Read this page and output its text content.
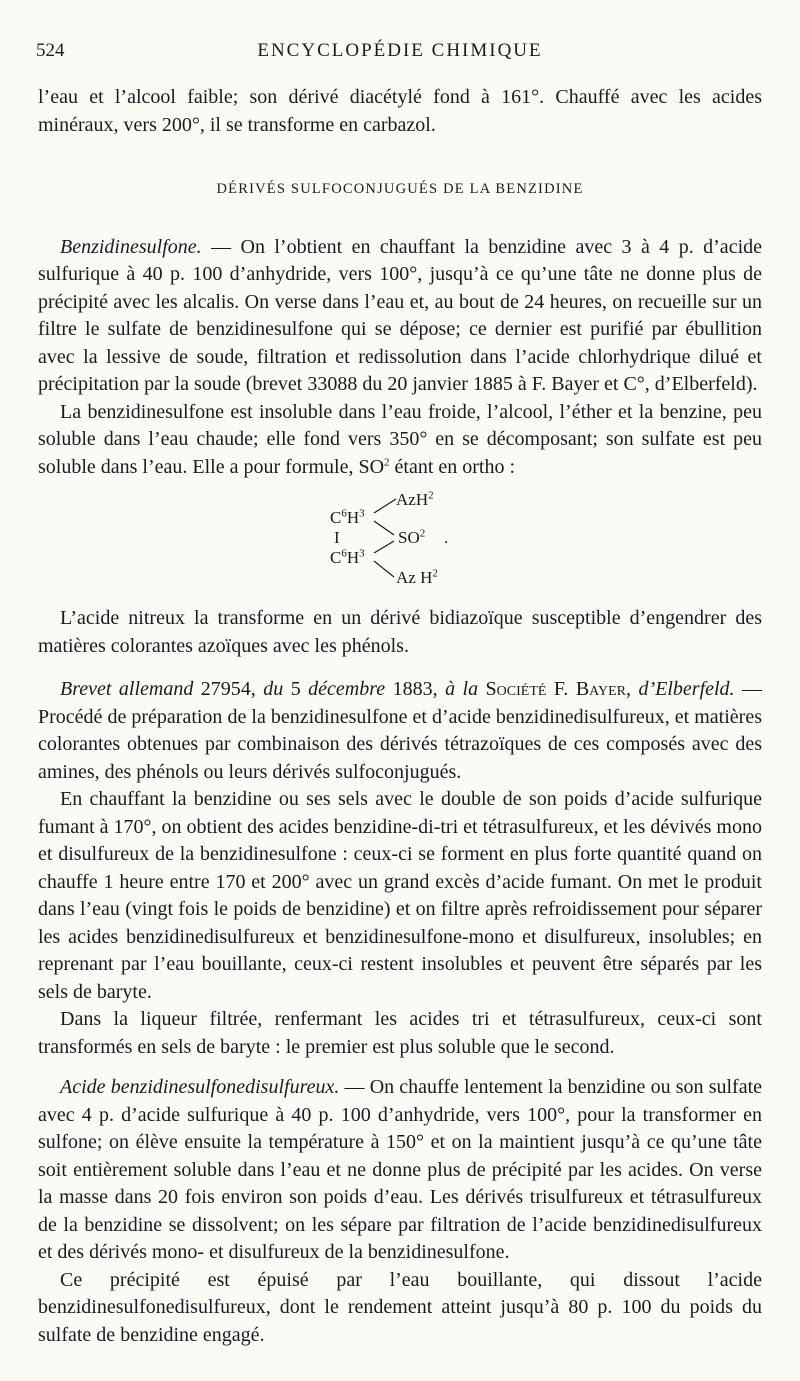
524	ENCYCLOPÉDIE CHIMIQUE

l’eau et l’alcool faible; son dérivé diacétylé fond à 161°. Chauffé avec les acides minéraux, vers 200°, il se transforme en carbazol.

DÉRIVÉS SULFOCONJUGUÉS DE LA BENZIDINE

Benzidinesulfone. — On l’obtient en chauffant la benzidine avec 3 à 4 p. d’acide sulfurique à 40 p. 100 d’anhydride, vers 100°, jusqu’à ce qu’une tâte ne donne plus de précipité avec les alcalis. On verse dans l’eau et, au bout de 24 heures, on recueille sur un filtre le sulfate de benzidinesulfone qui se dépose; ce dernier est purifié par ébullition avec la lessive de soude, filtration et redissolution dans l’acide chlorhydrique dilué et précipitation par la soude (brevet 33088 du 20 janvier 1885 à F. Bayer et C°, d’Elberfeld).

La benzidinesulfone est insoluble dans l’eau froide, l’alcool, l’éther et la benzine, peu soluble dans l’eau chaude; elle fond vers 350° en se décomposant; son sulfate est peu soluble dans l’eau. Elle a pour formule, $SO^2$ étant en ortho :

$C^6H^3$
AzH$^2$
I	$SO^2$ .
$C^6H^3$
Az $H^2$

L’acide nitreux la transforme en un dérivé bidiazoïque susceptible d’engendrer des matières colorantes azoïques avec les phénols.

Brevet allemand 27954, du 5 décembre 1883, à la Société F. Bayer, d’Elberfeld. — Procédé de préparation de la benzidinesulfone et d’acide benzidinedisulfureux, et matières colorantes obtenues par combinaison des dérivés tétrazoïques de ces composés avec des amines, des phénols ou leurs dérivés sulfoconjugués.

En chauffant la benzidine ou ses sels avec le double de son poids d’acide sulfurique fumant à 170°, on obtient des acides benzidine-di-tri et tétrasulfureux, et les dévivés mono et disulfureux de la benzidinesulfone : ceux-ci se forment en plus forte quantité quand on chauffe 1 heure entre 170 et 200° avec un grand excès d’acide fumant. On met le produit dans l’eau (vingt fois le poids de benzidine) et on filtre après refroidissement pour séparer les acides benzidinedisulfureux et benzidinesulfone-mono et disulfureux, insolubles; en reprenant par l’eau bouillante, ceux-ci restent insolubles et peuvent être séparés par les sels de baryte.

Dans la liqueur filtrée, renfermant les acides tri et tétrasulfureux, ceux-ci sont transformés en sels de baryte : le premier est plus soluble que le second.

Acide benzidinesulfonedisulfureux. — On chauffe lentement la benzidine ou son sulfate avec 4 p. d’acide sulfurique à 40 p. 100 d’anhydride, vers 100°, pour la transformer en sulfone; on élève ensuite la température à 150° et on la maintient jusqu’à ce qu’une tâte soit entièrement soluble dans l’eau et ne donne plus de précipité par les acides. On verse la masse dans 20 fois environ son poids d’eau. Les dérivés trisulfureux et tétrasulfureux de la benzidine se dissolvent; on les sépare par filtration de l’acide benzidinedisulfureux et des dérivés mono- et disulfureux de la benzidinesulfone.

Ce précipité est épuisé par l’eau bouillante, qui dissout l’acide benzidinesulfonedisulfureux, dont le rendement atteint jusqu’à 80 p. 100 du poids du sulfate de benzidine engagé.
